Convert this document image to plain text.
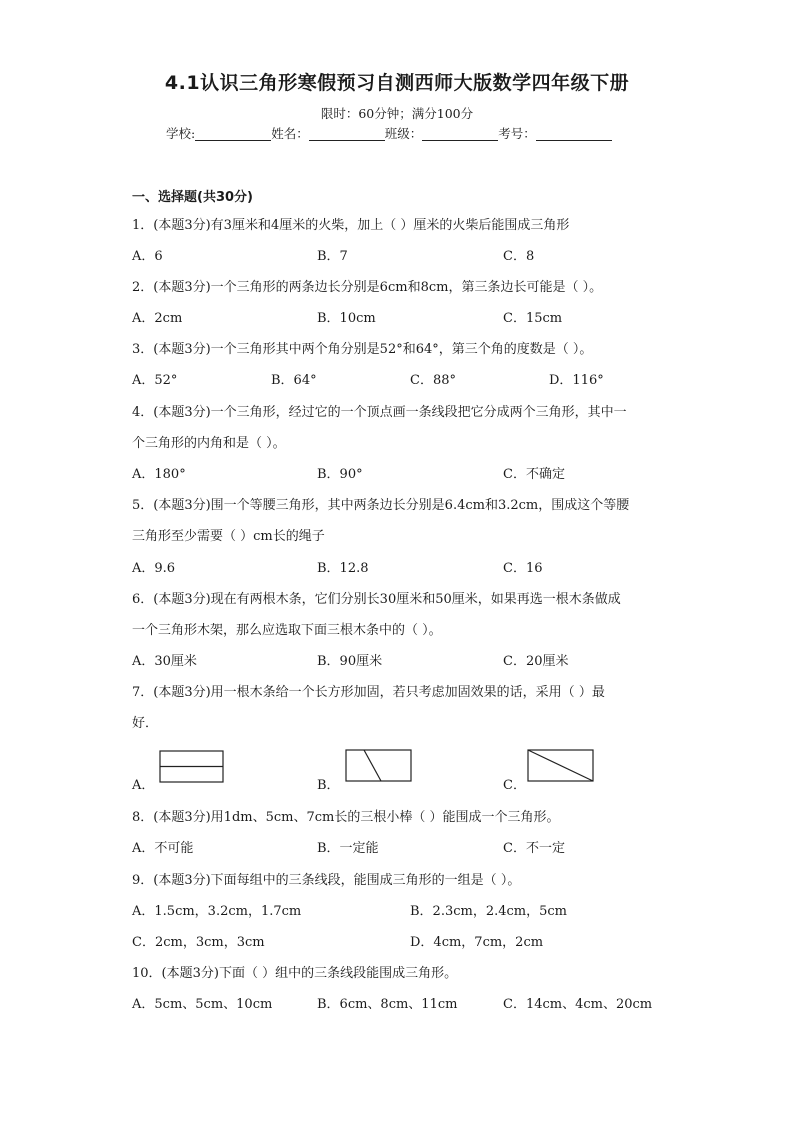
4.1认识三角形寒假预习自测西师大版数学四年级下册
限时：60分钟；满分100分
学校:	姓名：	班级：	考号：
一、选择题(共30分)
1．(本题3分)有3厘米和4厘米的火柴，加上（ ）厘米的火柴后能围成三角形
A．6	B．7	C．8
2．(本题3分)一个三角形的两条边长分别是6cm和8cm，第三条边长可能是（ ）。
A．2cm	B．10cm	C．15cm
3．(本题3分)一个三角形其中两个角分别是52°和64°，第三个角的度数是（ ）。
A．52°	B．64°	C．88°	D．116°
4．(本题3分)一个三角形，经过它的一个顶点画一条线段把它分成两个三角形，其中一
个三角形的内角和是（ ）。
A．180°	B．90°	C．不确定
5．(本题3分)围一个等腰三角形，其中两条边长分别是6.4cm和3.2cm，围成这个等腰
三角形至少需要（ ）cm长的绳子
A．9.6	B．12.8	C．16
6．(本题3分)现在有两根木条，它们分别长30厘米和50厘米，如果再选一根木条做成
一个三角形木架，那么应选取下面三根木条中的（ ）。
A．30厘米	B．90厘米	C．20厘米
7．(本题3分)用一根木条给一个长方形加固，若只考虑加固效果的话，采用（ ）最
好．
A．	B．	C．
8．(本题3分)用1dm、5cm、7cm长的三根小棒（ ）能围成一个三角形。
A．不可能	B．一定能	C．不一定
9．(本题3分)下面每组中的三条线段，能围成三角形的一组是（ ）。
A．1.5cm，3.2cm，1.7cm	B．2.3cm，2.4cm，5cm
C．2cm，3cm，3cm	D．4cm，7cm，2cm
10．(本题3分)下面（ ）组中的三条线段能围成三角形。
A．5cm、5cm、10cm	B．6cm、8cm、11cm	C．14cm、4cm、20cm
